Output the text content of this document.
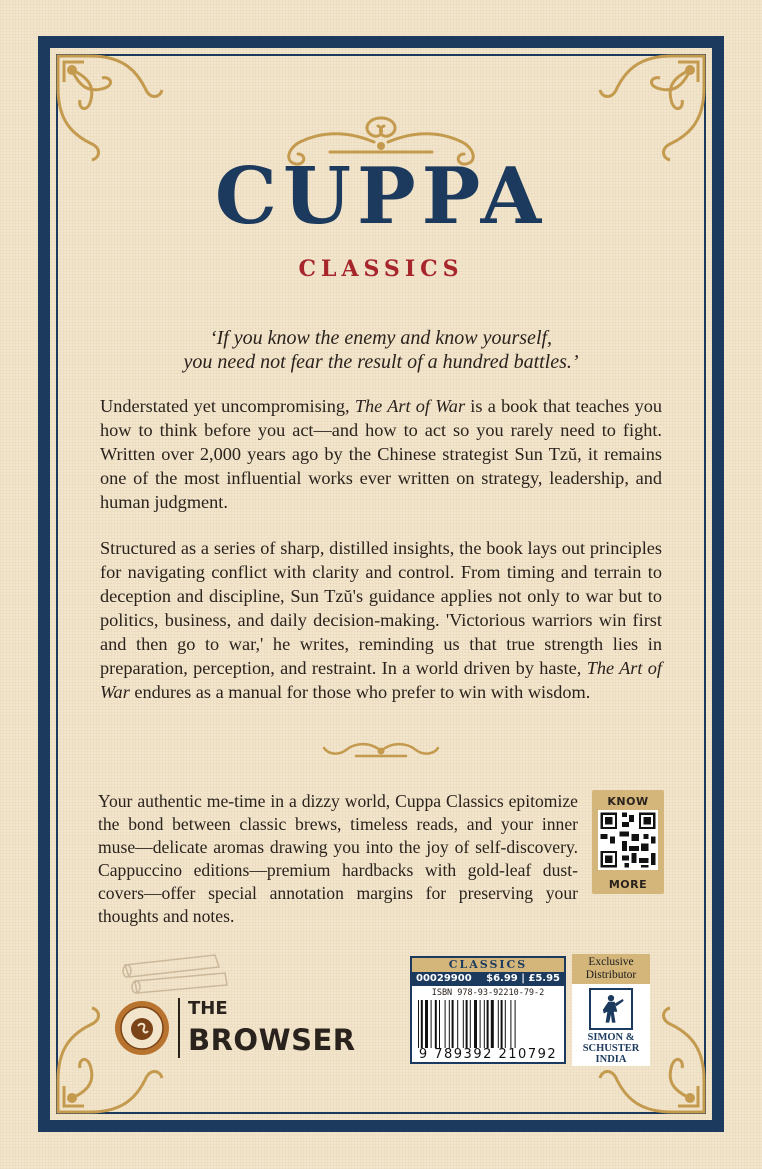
CUPPA
CLASSICS
‘If you know the enemy and know yourself,
you need not fear the result of a hundred battles.’
Understated yet uncompromising, The Art of War is a book that teaches you how to think before you act—and how to act so you rarely need to fight. Written over 2,000 years ago by the Chinese strategist Sun Tzŭ, it remains one of the most influential works ever written on strategy, leadership, and human judgment.
Structured as a series of sharp, distilled insights, the book lays out principles for navigating conflict with clarity and control. From timing and terrain to deception and discipline, Sun Tzŭ's guidance applies not only to war but to politics, business, and daily decision-making. 'Victorious warriors win first and then go to war,' he writes, reminding us that true strength lies in preparation, perception, and restraint. In a world driven by haste, The Art of War endures as a manual for those who prefer to win with wisdom.
Your authentic me-time in a dizzy world, Cuppa Classics epitomize the bond between classic brews, timeless reads, and your inner muse—delicate aromas drawing you into the joy of self-discovery. Cappuccino editions—premium hardbacks with gold-leaf dust-covers—offer special annotation margins for preserving your thoughts and notes.
KNOW
MORE
THE
BROWSER
CLASSICS
00029900 $6.99 | £5.95
ISBN 978-93-92210-79-2
9 789392 210792
Exclusive
Distributor
SIMON &
SCHUSTER
INDIA
